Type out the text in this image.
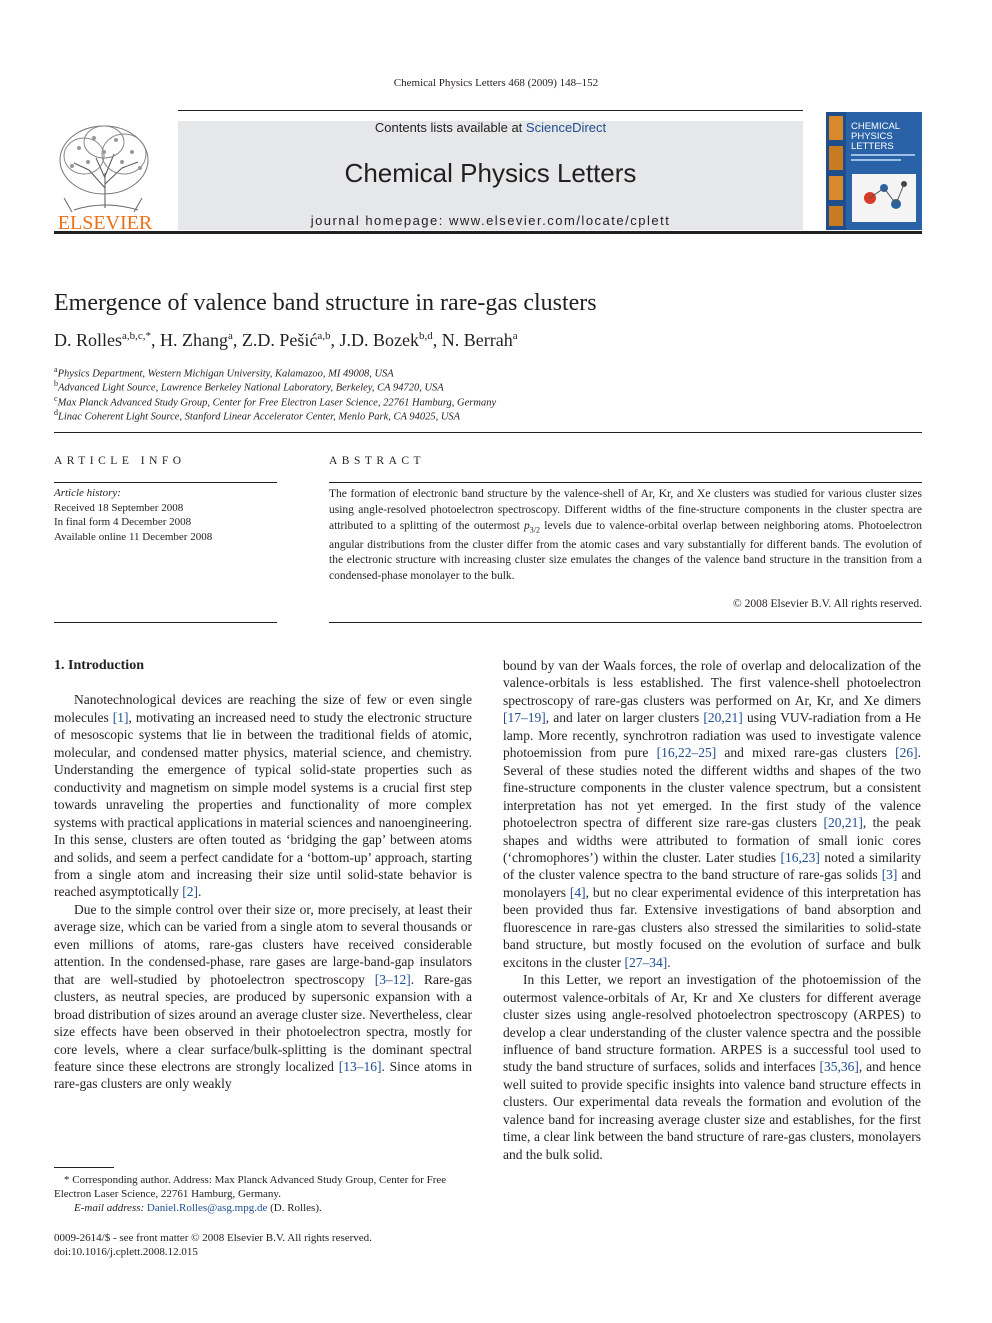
Chemical Physics Letters 468 (2009) 148–152
ELSEVIER
Contents lists available at ScienceDirect
Chemical Physics Letters
journal homepage: www.elsevier.com/locate/cplett
CHEMICAL
PHYSICS
LETTERS
Emergence of valence band structure in rare-gas clusters
D. Rolles$^{a,b,c,*}$, H. Zhang$^a$, Z.D. Pešić$^{a,b}$, J.D. Bozek$^{b,d}$, N. Berrah$^a$
$^a$Physics Department, Western Michigan University, Kalamazoo, MI 49008, USA
$^b$Advanced Light Source, Lawrence Berkeley National Laboratory, Berkeley, CA 94720, USA
$^c$Max Planck Advanced Study Group, Center for Free Electron Laser Science, 22761 Hamburg, Germany
$^d$Linac Coherent Light Source, Stanford Linear Accelerator Center, Menlo Park, CA 94025, USA
ARTICLE INFO	ABSTRACT
Article history:
Received 18 September 2008
In final form 4 December 2008
Available online 11 December 2008
The formation of electronic band structure by the valence-shell of Ar, Kr, and Xe clusters was studied for various cluster sizes using angle-resolved photoelectron spectroscopy. Different widths of the fine-structure components in the cluster spectra are attributed to a splitting of the outermost $p_{3/2}$ levels due to valence-orbital overlap between neighboring atoms. Photoelectron angular distributions from the cluster differ from the atomic cases and vary substantially for different bands. The evolution of the electronic structure with increasing cluster size emulates the changes of the valence band structure in the transition from a condensed-phase monolayer to the bulk.
© 2008 Elsevier B.V. All rights reserved.
1. Introduction

Nanotechnological devices are reaching the size of few or even single molecules [1], motivating an increased need to study the electronic structure of mesoscopic systems that lie in between the traditional fields of atomic, molecular, and condensed matter physics, material science, and chemistry. Understanding the emergence of typical solid-state properties such as conductivity and magnetism on simple model systems is a crucial first step towards unraveling the properties and functionality of more complex systems with practical applications in material sciences and nanoengineering. In this sense, clusters are often touted as ‘bridging the gap’ between atoms and solids, and seem a perfect candidate for a ‘bottom-up’ approach, starting from a single atom and increasing their size until solid-state behavior is reached asymptotically [2].

Due to the simple control over their size or, more precisely, at least their average size, which can be varied from a single atom to several thousands or even millions of atoms, rare-gas clusters have received considerable attention. In the condensed-phase, rare gases are large-band-gap insulators that are well-studied by photoelectron spectroscopy [3–12]. Rare-gas clusters, as neutral species, are produced by supersonic expansion with a broad distribution of sizes around an average cluster size. Nevertheless, clear size effects have been observed in their photoelectron spectra, mostly for core levels, where a clear surface/bulk-splitting is the dominant spectral feature since these electrons are strongly localized [13–16]. Since atoms in rare-gas clusters are only weakly

bound by van der Waals forces, the role of overlap and delocalization of the valence-orbitals is less established. The first valence-shell photoelectron spectroscopy of rare-gas clusters was performed on Ar, Kr, and Xe dimers [17–19], and later on larger clusters [20,21] using VUV-radiation from a He lamp. More recently, synchrotron radiation was used to investigate valence photoemission from pure [16,22–25] and mixed rare-gas clusters [26]. Several of these studies noted the different widths and shapes of the two fine-structure components in the cluster valence spectrum, but a consistent interpretation has not yet emerged. In the first study of the valence photoelectron spectra of different size rare-gas clusters [20,21], the peak shapes and widths were attributed to formation of small ionic cores (‘chromophores’) within the cluster. Later studies [16,23] noted a similarity of the cluster valence spectra to the band structure of rare-gas solids [3] and monolayers [4], but no clear experimental evidence of this interpretation has been provided thus far. Extensive investigations of band absorption and fluorescence in rare-gas clusters also stressed the similarities to solid-state band structure, but mostly focused on the evolution of surface and bulk excitons in the cluster [27–34].

In this Letter, we report an investigation of the photoemission of the outermost valence-orbitals of Ar, Kr and Xe clusters for different average cluster sizes using angle-resolved photoelectron spectroscopy (ARPES) to develop a clear understanding of the cluster valence spectra and the possible influence of band structure formation. ARPES is a successful tool used to study the band structure of surfaces, solids and interfaces [35,36], and hence well suited to provide specific insights into valence band structure effects in clusters. Our experimental data reveals the formation and evolution of the valence band for increasing average cluster size and establishes, for the first time, a clear link between the band structure of rare-gas clusters, monolayers and the bulk solid.

* Corresponding author. Address: Max Planck Advanced Study Group, Center for Free Electron Laser Science, 22761 Hamburg, Germany.
E-mail address: Daniel.Rolles@asg.mpg.de (D. Rolles).
0009-2614/$ - see front matter © 2008 Elsevier B.V. All rights reserved.
doi:10.1016/j.cplett.2008.12.015
